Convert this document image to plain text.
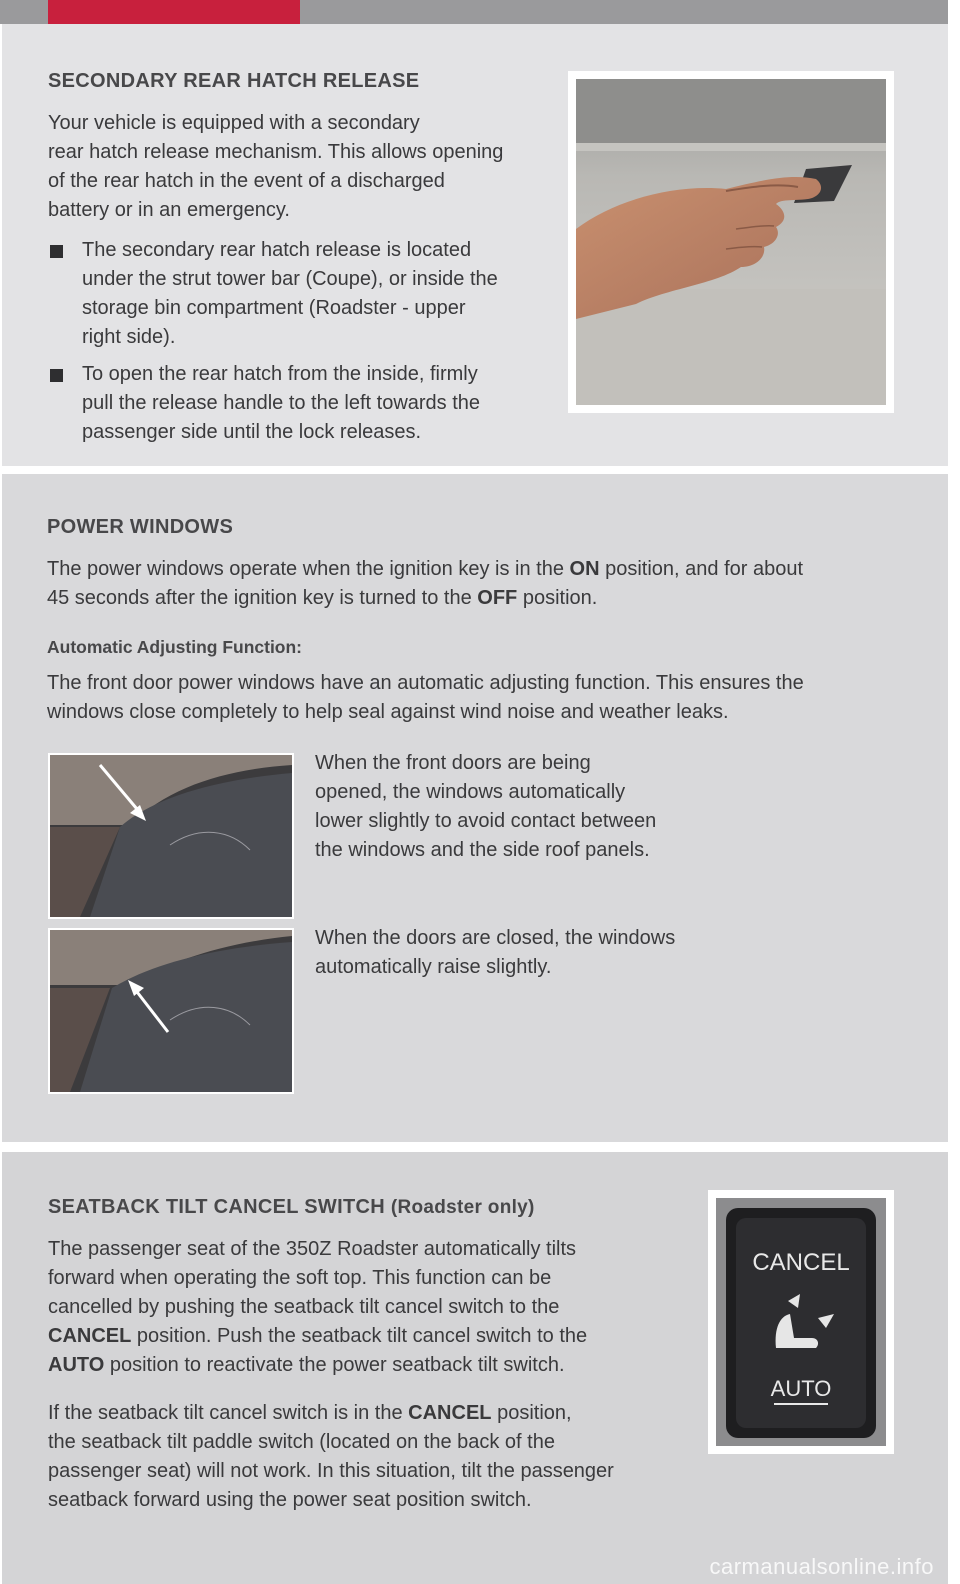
SECONDARY REAR HATCH RELEASE

Your vehicle is equipped with a secondary
rear hatch release mechanism. This allows opening
of the rear hatch in the event of a discharged
battery or in an emergency.

The secondary rear hatch release is located
under the strut tower bar (Coupe), or inside the
storage bin compartment (Roadster - upper
right side).
To open the rear hatch from the inside, firmly
pull the release handle to the left towards the
passenger side until the lock releases.
POWER WINDOWS

The power windows operate when the ignition key is in the ON position, and for about
45 seconds after the ignition key is turned to the OFF position.

Automatic Adjusting Function:

The front door power windows have an automatic adjusting function. This ensures the
windows close completely to help seal against wind noise and weather leaks.

When the front doors are being
opened, the windows automatically
lower slightly to avoid contact between
the windows and the side roof panels.

When the doors are closed, the windows
automatically raise slightly.

SEATBACK TILT CANCEL SWITCH (Roadster only)

The passenger seat of the 350Z Roadster automatically tilts
forward when operating the soft top. This function can be
cancelled by pushing the seatback tilt cancel switch to the
CANCEL position. Push the seatback tilt cancel switch to the
AUTO position to reactivate the power seatback tilt switch.

If the seatback tilt cancel switch is in the CANCEL position,
the seatback tilt paddle switch (located on the back of the
passenger seat) will not work. In this situation, tilt the passenger
seatback forward using the power seat position switch.

CANCEL
AUTO
carmanualsonline.info
